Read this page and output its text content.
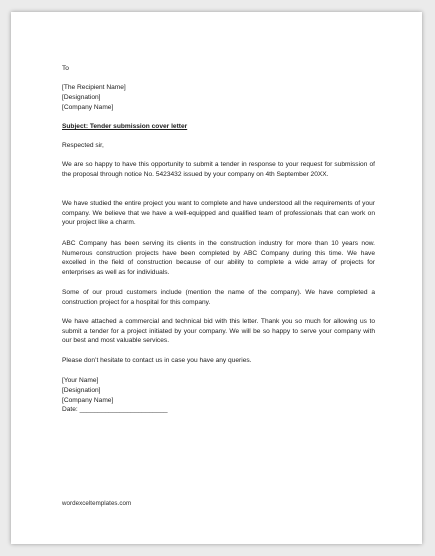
To
[The Recipient Name]
[Designation]
[Company Name]
Subject: Tender submission cover letter
Respected sir,

We are so happy to have this opportunity to submit a tender in response to your request for submission of the proposal through notice No. 5423432 issued by your company on 4th September 20XX.

We have studied the entire project you want to complete and have understood all the requirements of your company. We believe that we have a well-equipped and qualified team of professionals that can work on your project like a charm.

ABC Company has been serving its clients in the construction industry for more than 10 years now. Numerous construction projects have been completed by ABC Company during this time. We have excelled in the field of construction because of our ability to complete a wide array of projects for enterprises as well as for individuals.

Some of our proud customers include (mention the name of the company). We have completed a construction project for a hospital for this company.

We have attached a commercial and technical bid with this letter. Thank you so much for allowing us to submit a tender for a project initiated by your company. We will be so happy to serve your company with our best and most valuable services.

Please don’t hesitate to contact us in case you have any queries.

[Your Name]
[Designation]
[Company Name]
Date: ________________________
wordexceltemplates.com
